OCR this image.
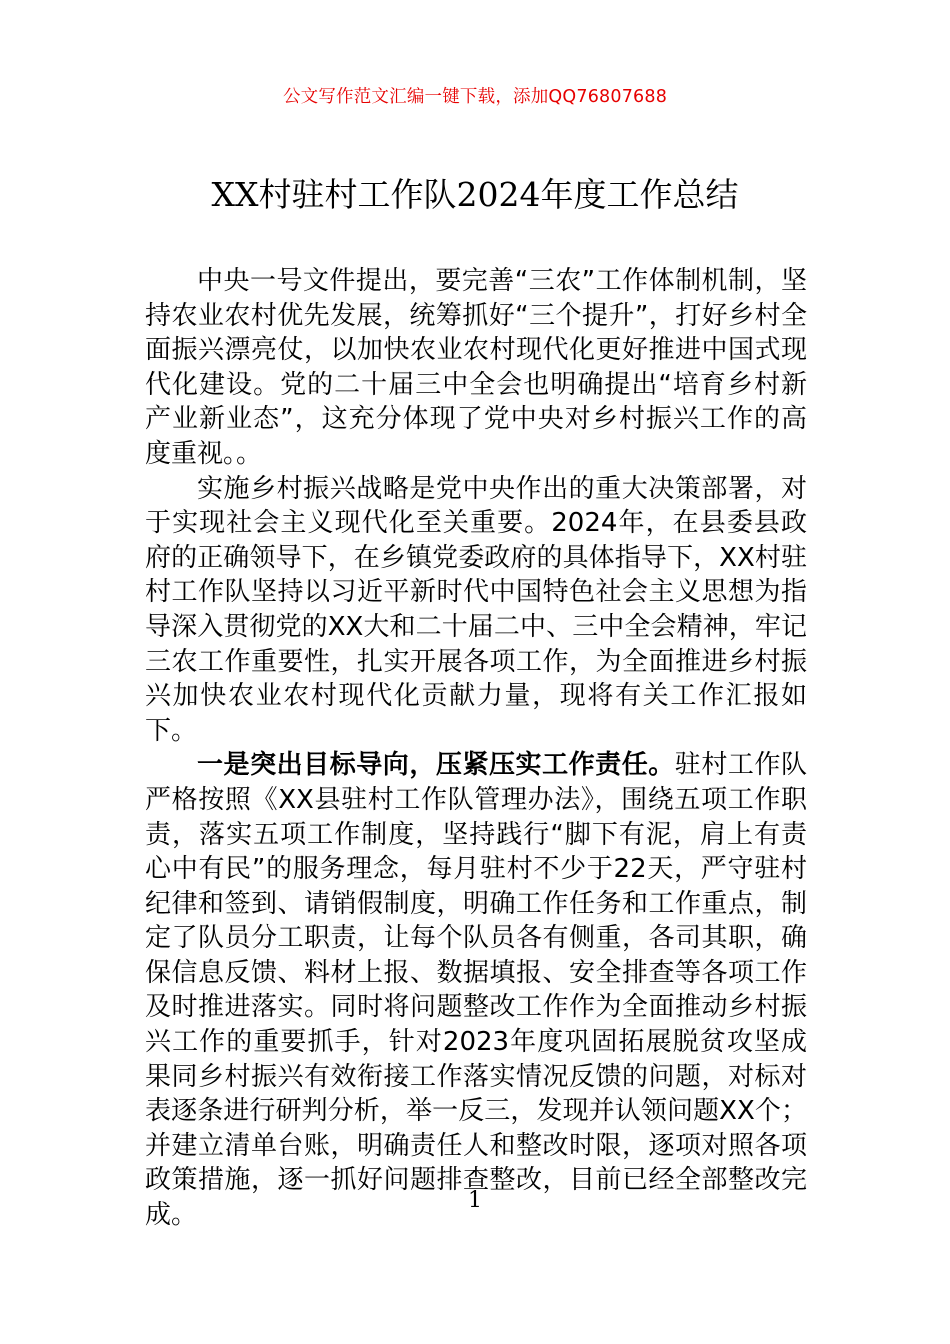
公文写作范文汇编一键下载，添加QQ76807688
XX村驻村工作队2024年度工作总结

中央一号文件提出，要完善“三农”工作体制机制，坚持农业农村优先发展，统筹抓好“三个提升”，打好乡村全面振兴漂亮仗，以加快农业农村现代化更好推进中国式现代化建设。党的二十届三中全会也明确提出“培育乡村新产业新业态”，这充分体现了党中央对乡村振兴工作的高度重视。。

实施乡村振兴战略是党中央作出的重大决策部署，对于实现社会主义现代化至关重要。2024年，在县委县政府的正确领导下，在乡镇党委政府的具体指导下，XX村驻村工作队坚持以习近平新时代中国特色社会主义思想为指导深入贯彻党的XX大和二十届二中、三中全会精神，牢记三农工作重要性，扎实开展各项工作，为全面推进乡村振兴加快农业农村现代化贡献力量，现将有关工作汇报如下。

一是突出目标导向，压紧压实工作责任。驻村工作队严格按照《XX县驻村工作队管理办法》，围绕五项工作职责，落实五项工作制度，坚持践行“脚下有泥，肩上有责心中有民”的服务理念，每月驻村不少于22天，严守驻村纪律和签到、请销假制度，明确工作任务和工作重点，制定了队员分工职责，让每个队员各有侧重，各司其职，确保信息反馈、料材上报、数据填报、安全排查等各项工作及时推进落实。同时将问题整改工作作为全面推动乡村振兴工作的重要抓手，针对2023年度巩固拓展脱贫攻坚成果同乡村振兴有效衔接工作落实情况反馈的问题，对标对表逐条进行研判分析，举一反三，发现并认领问题XX个；并建立清单台账，明确责任人和整改时限，逐项对照各项政策措施，逐一抓好问题排查整改，目前已经全部整改完成。	1
